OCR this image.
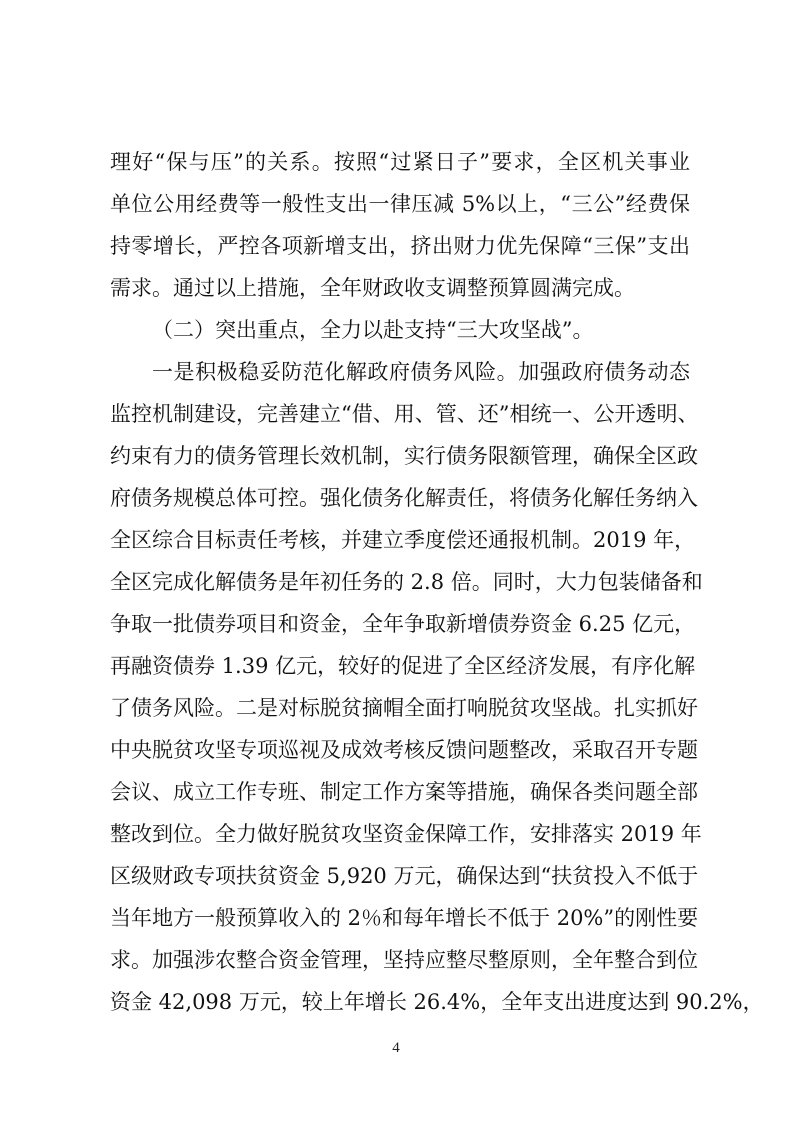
理好“保与压”的关系。按照“过紧日子”要求，全区机关事业
单位公用经费等一般性支出一律压减 5%以上，“三公”经费保
持零增长，严控各项新增支出，挤出财力优先保障“三保”支出
需求。通过以上措施，全年财政收支调整预算圆满完成。
（二）突出重点，全力以赴支持“三大攻坚战”。
一是积极稳妥防范化解政府债务风险。加强政府债务动态
监控机制建设，完善建立“借、用、管、还”相统一、公开透明、
约束有力的债务管理长效机制，实行债务限额管理，确保全区政
府债务规模总体可控。强化债务化解责任，将债务化解任务纳入
全区综合目标责任考核，并建立季度偿还通报机制。2019 年，
全区完成化解债务是年初任务的 2.8 倍。同时，大力包装储备和
争取一批债券项目和资金，全年争取新增债券资金 6.25 亿元，
再融资债券 1.39 亿元，较好的促进了全区经济发展，有序化解
了债务风险。二是对标脱贫摘帽全面打响脱贫攻坚战。扎实抓好
中央脱贫攻坚专项巡视及成效考核反馈问题整改，采取召开专题
会议、成立工作专班、制定工作方案等措施，确保各类问题全部
整改到位。全力做好脱贫攻坚资金保障工作，安排落实 2019 年
区级财政专项扶贫资金 5,920 万元，确保达到“扶贫投入不低于
当年地方一般预算收入的 2％和每年增长不低于 20%”的刚性要
求。加强涉农整合资金管理，坚持应整尽整原则，全年整合到位
资金 42,098 万元，较上年增长 26.4%，全年支出进度达到 90.2%，
4
